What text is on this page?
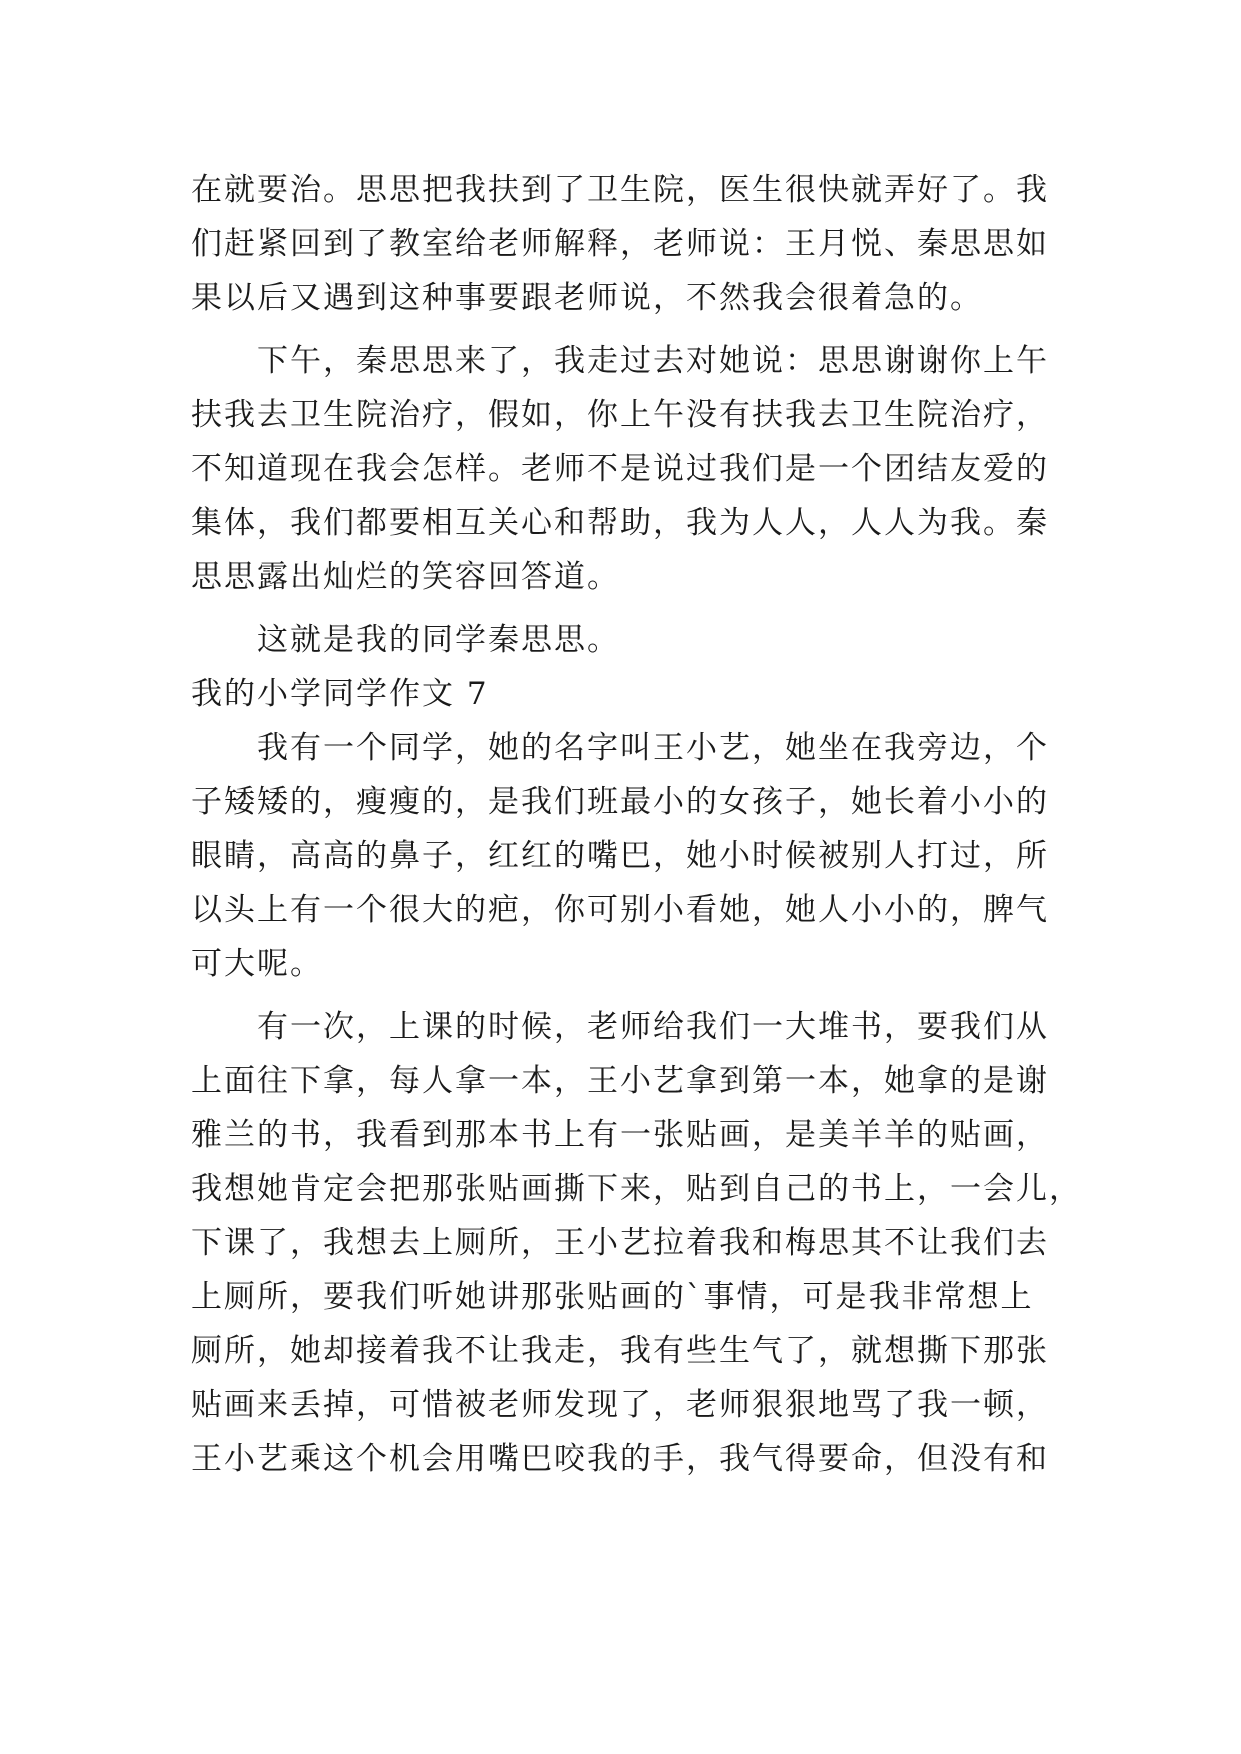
在就要治。思思把我扶到了卫生院，医生很快就弄好了。我
们赶紧回到了教室给老师解释，老师说：王月悦、秦思思如
果以后又遇到这种事要跟老师说，不然我会很着急的。
　　下午，秦思思来了，我走过去对她说：思思谢谢你上午
扶我去卫生院治疗，假如，你上午没有扶我去卫生院治疗，
不知道现在我会怎样。老师不是说过我们是一个团结友爱的
集体，我们都要相互关心和帮助，我为人人，人人为我。秦
思思露出灿烂的笑容回答道。
　　这就是我的同学秦思思。
我的小学同学作文 7
　　我有一个同学，她的名字叫王小艺，她坐在我旁边，个
子矮矮的，瘦瘦的，是我们班最小的女孩子，她长着小小的
眼睛，高高的鼻子，红红的嘴巴，她小时候被别人打过，所
以头上有一个很大的疤，你可别小看她，她人小小的，脾气
可大呢。
　　有一次，上课的时候，老师给我们一大堆书，要我们从
上面往下拿，每人拿一本，王小艺拿到第一本，她拿的是谢
雅兰的书，我看到那本书上有一张贴画，是美羊羊的贴画，
我想她肯定会把那张贴画撕下来，贴到自己的书上，一会儿，
下课了，我想去上厕所，王小艺拉着我和梅思其不让我们去
上厕所，要我们听她讲那张贴画的`事情，可是我非常想上
厕所，她却接着我不让我走，我有些生气了，就想撕下那张
贴画来丢掉，可惜被老师发现了，老师狠狠地骂了我一顿，
王小艺乘这个机会用嘴巴咬我的手，我气得要命，但没有和
